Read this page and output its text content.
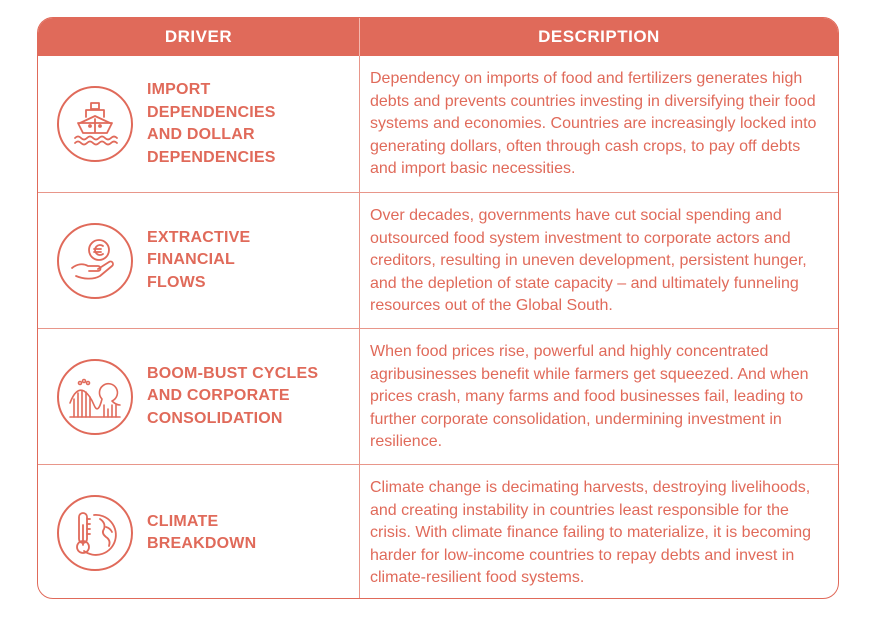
DRIVER	DESCRIPTION
IMPORT
DEPENDENCIES
AND DOLLAR
DEPENDENCIES
Dependency on imports of food and fertilizers generates high debts and prevents countries investing in diversifying their food systems and economies. Countries are increasingly locked into generating dollars, often through cash crops, to pay off debts and import basic necessities.
EXTRACTIVE
FINANCIAL
FLOWS
Over decades, governments have cut social spending and outsourced food system investment to corporate actors and creditors, resulting in uneven development, persistent hunger, and the depletion of state capacity – and ultimately funneling resources out of the Global South.
BOOM-BUST CYCLES
AND CORPORATE
CONSOLIDATION
When food prices rise, powerful and highly concentrated agribusinesses benefit while farmers get squeezed. And when prices crash, many farms and food businesses fail, leading to further corporate consolidation, undermining investment in resilience.
CLIMATE
BREAKDOWN
Climate change is decimating harvests, destroying livelihoods, and creating instability in countries least responsible for the crisis. With climate finance failing to materialize, it is becoming harder for low-income countries to repay debts and invest in climate-resilient food systems.
